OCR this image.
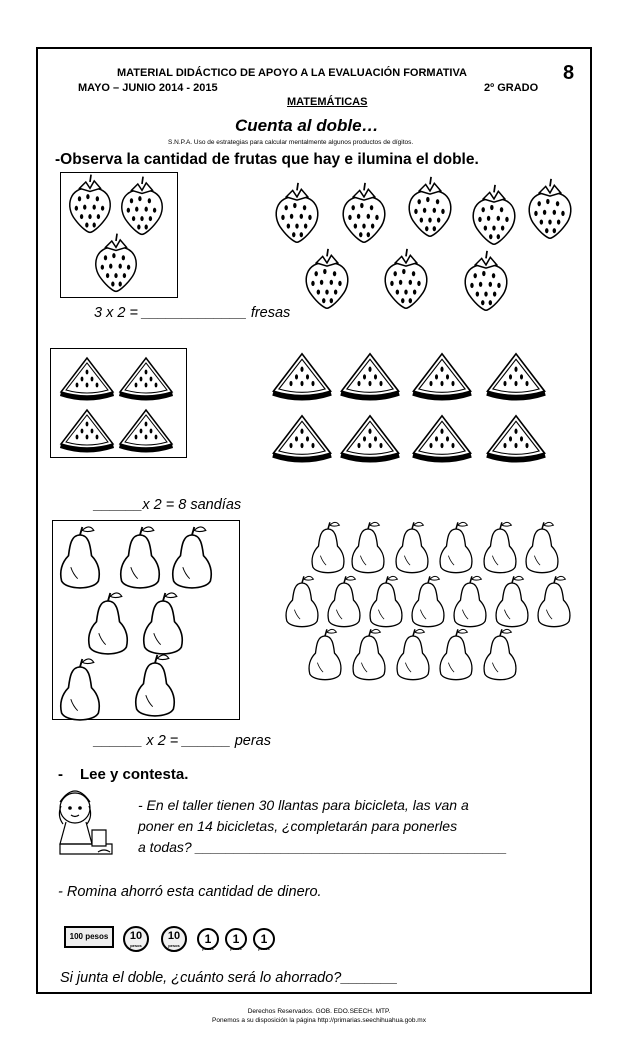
MATERIAL DIDÁCTICO DE APOYO A LA EVALUACIÓN FORMATIVA
MAYO – JUNIO 2014 - 2015	2º GRADO
MATEMÁTICAS
8
Cuenta al doble…
S.N.P.A. Uso de estrategias para calcular mentalmente algunos productos de dígitos.
-Observa la cantidad de frutas que hay e ilumina el doble.
3 x 2 = _____________ fresas
______x 2 = 8 sandías
______ x 2 = ______ peras
- Lee y contesta.
- En el taller tienen 30 llantas para bicicleta, las van a
poner en 14 bicicletas, ¿completarán para ponerles
a todas? ________________________________________
- Romina ahorró esta cantidad de dinero.
100 pesos	10
pesos
10
pesos	1
pesos
1
pesos
1
pesos
Si junta el doble, ¿cuánto será lo ahorrado?_______
Derechos Reservados. GOB. EDO.SEECH. MTP.
Ponemos a su disposición la página http://primarias.seechihuahua.gob.mx
